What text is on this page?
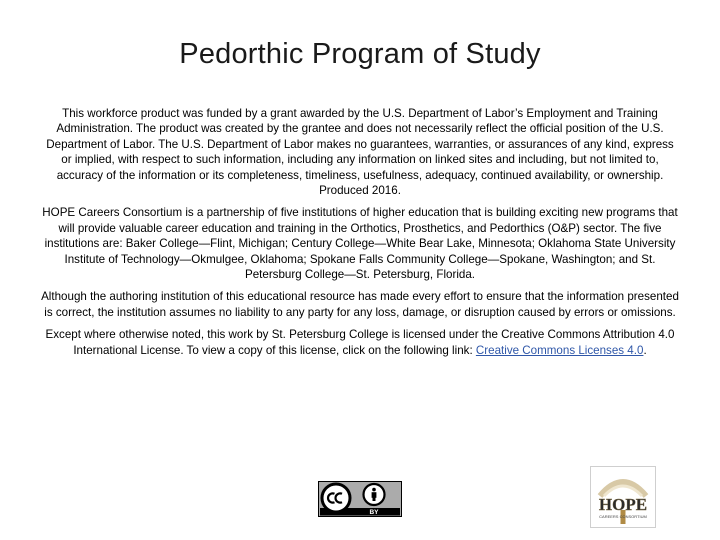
Pedorthic Program of Study

This workforce product was funded by a grant awarded by the U.S. Department of Labor’s Employment and Training Administration. The product was created by the grantee and does not necessarily reflect the official position of the U.S. Department of Labor. The U.S. Department of Labor makes no guarantees, warranties, or assurances of any kind, express or implied, with respect to such information, including any information on linked sites and including, but not limited to, accuracy of the information or its completeness, timeliness, usefulness, adequacy, continued availability, or ownership. Produced 2016.

HOPE Careers Consortium is a partnership of five institutions of higher education that is building exciting new programs that will provide valuable career education and training in the Orthotics, Prosthetics, and Pedorthics (O&P) sector. The five institutions are: Baker College—Flint, Michigan; Century College—White Bear Lake, Minnesota; Oklahoma State University Institute of Technology—Okmulgee, Oklahoma; Spokane Falls Community College—Spokane, Washington; and St. Petersburg College—St. Petersburg, Florida.

Although the authoring institution of this educational resource has made every effort to ensure that the information presented is correct, the institution assumes no liability to any party for any loss, damage, or disruption caused by errors or omissions.

Except where otherwise noted, this work by St. Petersburg College is licensed under the Creative Commons Attribution 4.0 International License. To view a copy of this license, click on the following link: Creative Commons Licenses 4.0.

BY	HOPE
CAREERS CONSORTIUM
